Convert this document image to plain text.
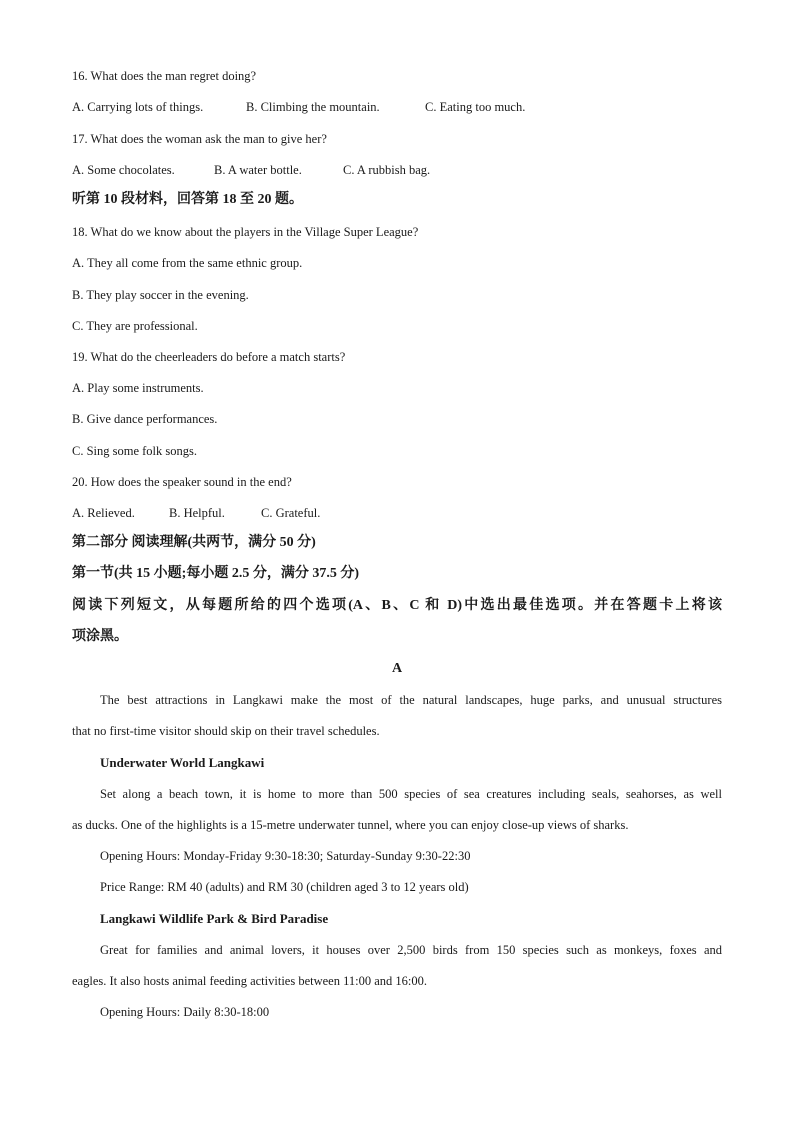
16. What does the man regret doing?
A. Carrying lots of things.	B. Climbing the mountain.	C. Eating too much.
17. What does the woman ask the man to give her?
A. Some chocolates.	B. A water bottle.	C. A rubbish bag.
听第 10 段材料，回答第 18 至 20 题。
18. What do we know about the players in the Village Super League?
A. They all come from the same ethnic group.
B. They play soccer in the evening.
C. They are professional.
19. What do the cheerleaders do before a match starts?
A. Play some instruments.
B. Give dance performances.
C. Sing some folk songs.
20. How does the speaker sound in the end?
A. Relieved.	B. Helpful.	C. Grateful.
第二部分 阅读理解(共两节，满分 50 分)
第一节(共 15 小题;每小题 2.5 分，满分 37.5 分)
阅读下列短文，从每题所给的四个选项(A、B、C 和 D)中选出最佳选项。并在答题卡上将该
项涂黑。
A
The best attractions in Langkawi make the most of the natural landscapes, huge parks, and unusual structures
that no first-time visitor should skip on their travel schedules.
Underwater World Langkawi
Set along a beach town, it is home to more than 500 species of sea creatures including seals, seahorses, as well
as ducks. One of the highlights is a 15-metre underwater tunnel, where you can enjoy close-up views of sharks.
Opening Hours: Monday-Friday 9:30-18:30; Saturday-Sunday 9:30-22:30
Price Range: RM 40 (adults) and RM 30 (children aged 3 to 12 years old)
Langkawi Wildlife Park & Bird Paradise
Great for families and animal lovers, it houses over 2,500 birds from 150 species such as monkeys, foxes and
eagles. It also hosts animal feeding activities between 11:00 and 16:00.
Opening Hours: Daily 8:30-18:00
